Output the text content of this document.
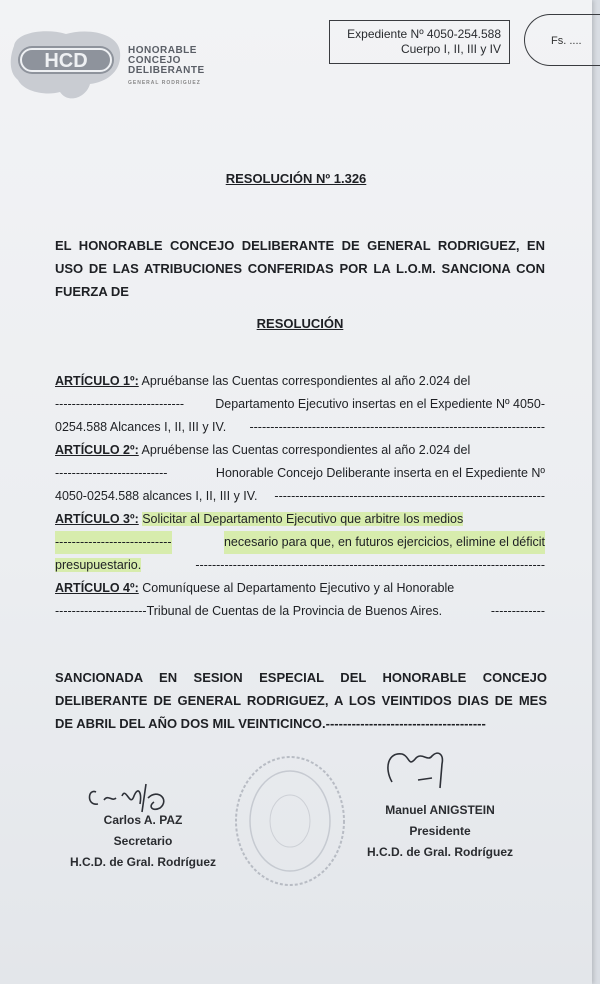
HCD	HONORABLE
CONCEJO
DELIBERANTE
GENERAL RODRIGUEZ
Expediente Nº 4050-254.588
Cuerpo I, II, III y IV
Fs. ....
RESOLUCIÓN Nº 1.326
EL HONORABLE CONCEJO DELIBERANTE DE GENERAL RODRIGUEZ, EN USO DE LAS ATRIBUCIONES CONFERIDAS POR LA L.O.M. SANCIONA CON FUERZA DE
RESOLUCIÓN
ARTÍCULO 1º: Apruébanse las Cuentas correspondientes al año 2.024 del
------------------------------- Departamento Ejecutivo insertas en el Expediente Nº 4050-
0254.588 Alcances I, II, III y IV. -----------------------------------------------------------------------
ARTÍCULO 2º: Apruébense las Cuentas correspondientes al año 2.024 del
---------------------------	Honorable Concejo Deliberante inserta en el Expediente Nº
4050-0254.588 alcances I, II, III y IV. -----------------------------------------------------------------
ARTÍCULO 3º: Solicitar al Departamento Ejecutivo que arbitre los medios
----------------------------	necesario para que, en futuros ejercicios, elimine el déficit
presupuestario.	------------------------------------------------------------------------------------
ARTÍCULO 4º: Comuníquese al Departamento Ejecutivo y al Honorable
----------------------Tribunal de Cuentas de la Provincia de Buenos Aires.	-------------
SANCIONADA EN SESION ESPECIAL DEL HONORABLE CONCEJO DELIBERANTE DE GENERAL RODRIGUEZ, A LOS VEINTIDOS DIAS DE MES DE ABRIL DEL AÑO DOS MIL VEINTICINCO.-------------------------------------
Carlos A. PAZ
Secretario
H.C.D. de Gral. Rodríguez
Manuel ANIGSTEIN
Presidente
H.C.D. de Gral. Rodríguez
